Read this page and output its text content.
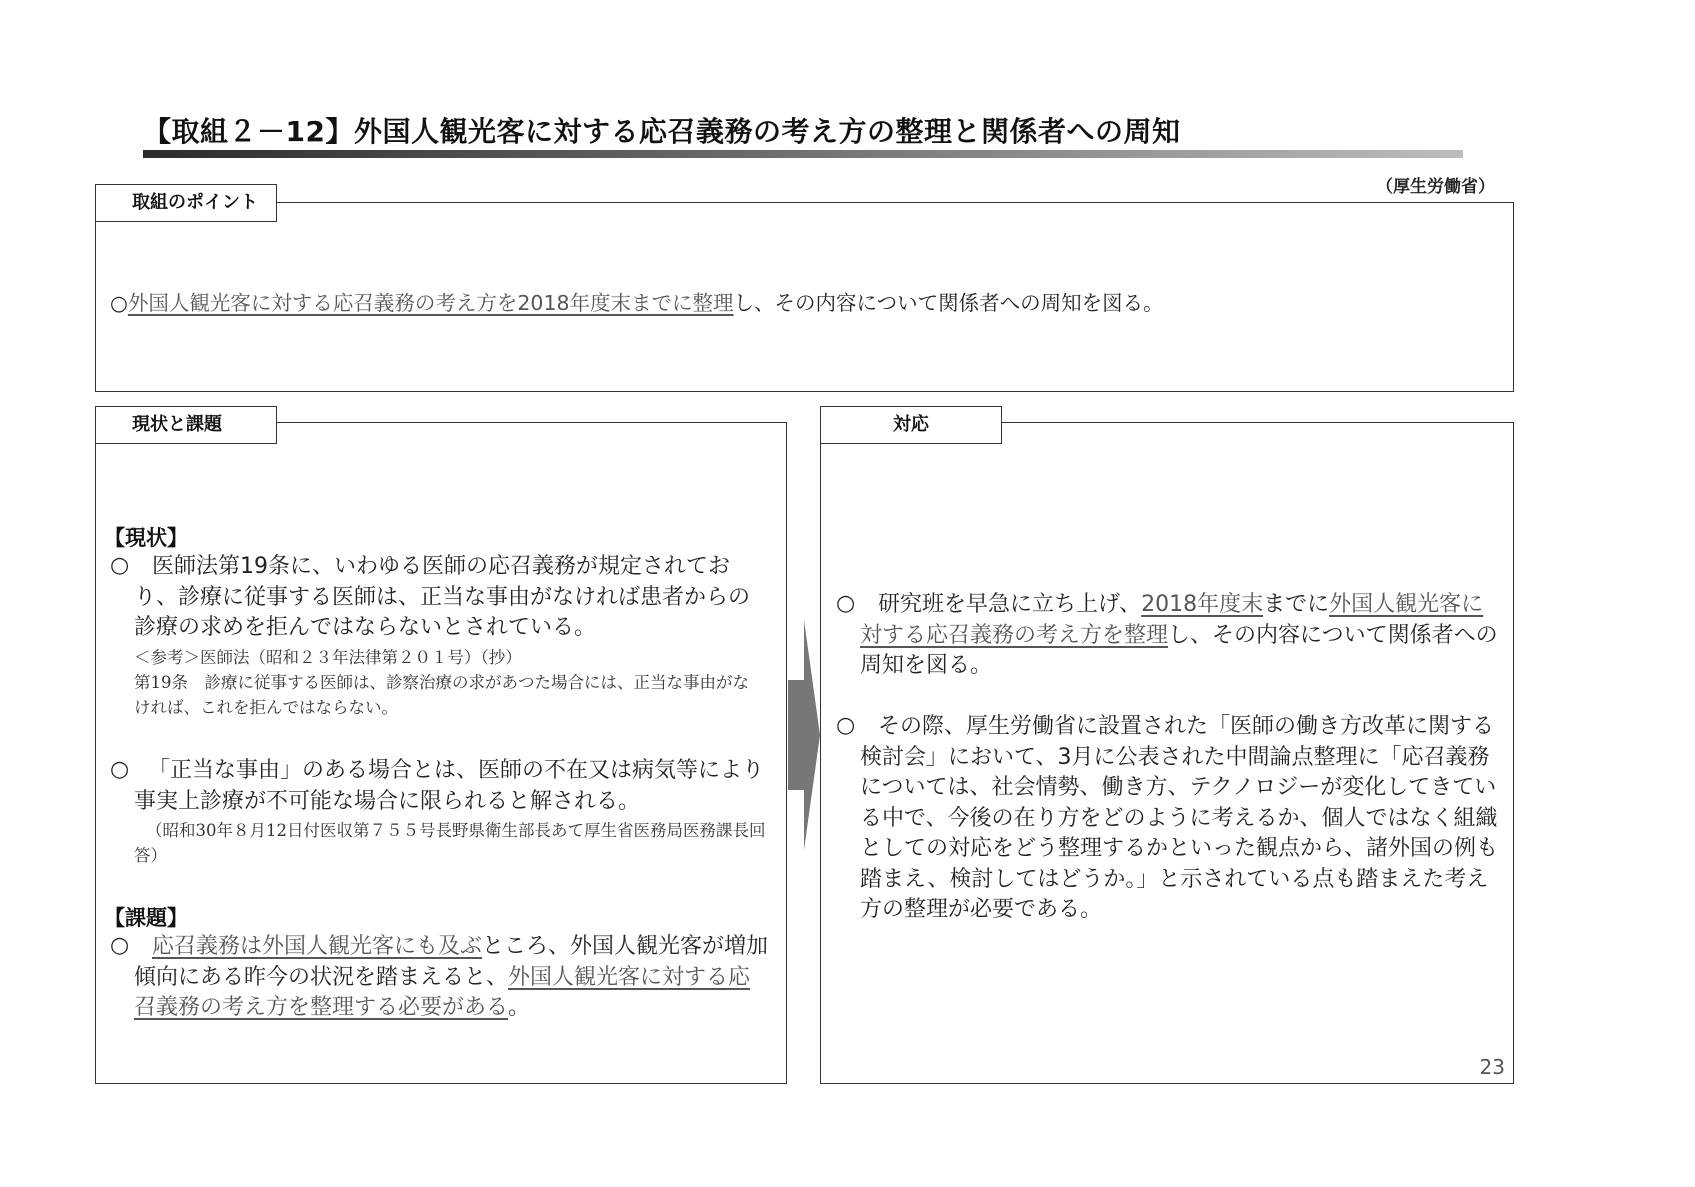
【取組２－12】外国人観光客に対する応召義務の考え方の整理と関係者への周知
（厚生労働省）
取組のポイント
○外国人観光客に対する応召義務の考え方を2018年度末までに整理し、その内容について関係者への周知を図る。
現状と課題
【現状】
○	医師法第19条に、いわゆる医師の応召義務が規定されており、診療に従事する医師は、正当な事由がなければ患者からの診療の求めを拒んではならないとされている。
＜参考＞医師法（昭和２３年法律第２０１号）（抄）
第19条　診療に従事する医師は、診察治療の求があつた場合には、正当な事由がなければ、これを拒んではならない。
○ 「正当な事由」のある場合とは、医師の不在又は病気等により事実上診療が不可能な場合に限られると解される。
（昭和30年８月12日付医収第７５５号長野県衛生部長あて厚生省医務局医務課長回答）
【課題】
○	応召義務は外国人観光客にも及ぶところ、外国人観光客が増加傾向にある昨今の状況を踏まえると、外国人観光客に対する応召義務の考え方を整理する必要がある。
対応
○	研究班を早急に立ち上げ、2018年度末までに外国人観光客に対する応召義務の考え方を整理し、その内容について関係者への周知を図る。
○	その際、厚生労働省に設置された「医師の働き方改革に関する検討会」において、3月に公表された中間論点整理に「応召義務については、社会情勢、働き方、テクノロジーが変化してきている中で、今後の在り方をどのように考えるか、個人ではなく組織としての対応をどう整理するかといった観点から、諸外国の例も踏まえ、検討してはどうか。」と示されている点も踏まえた考え方の整理が必要である。
23
